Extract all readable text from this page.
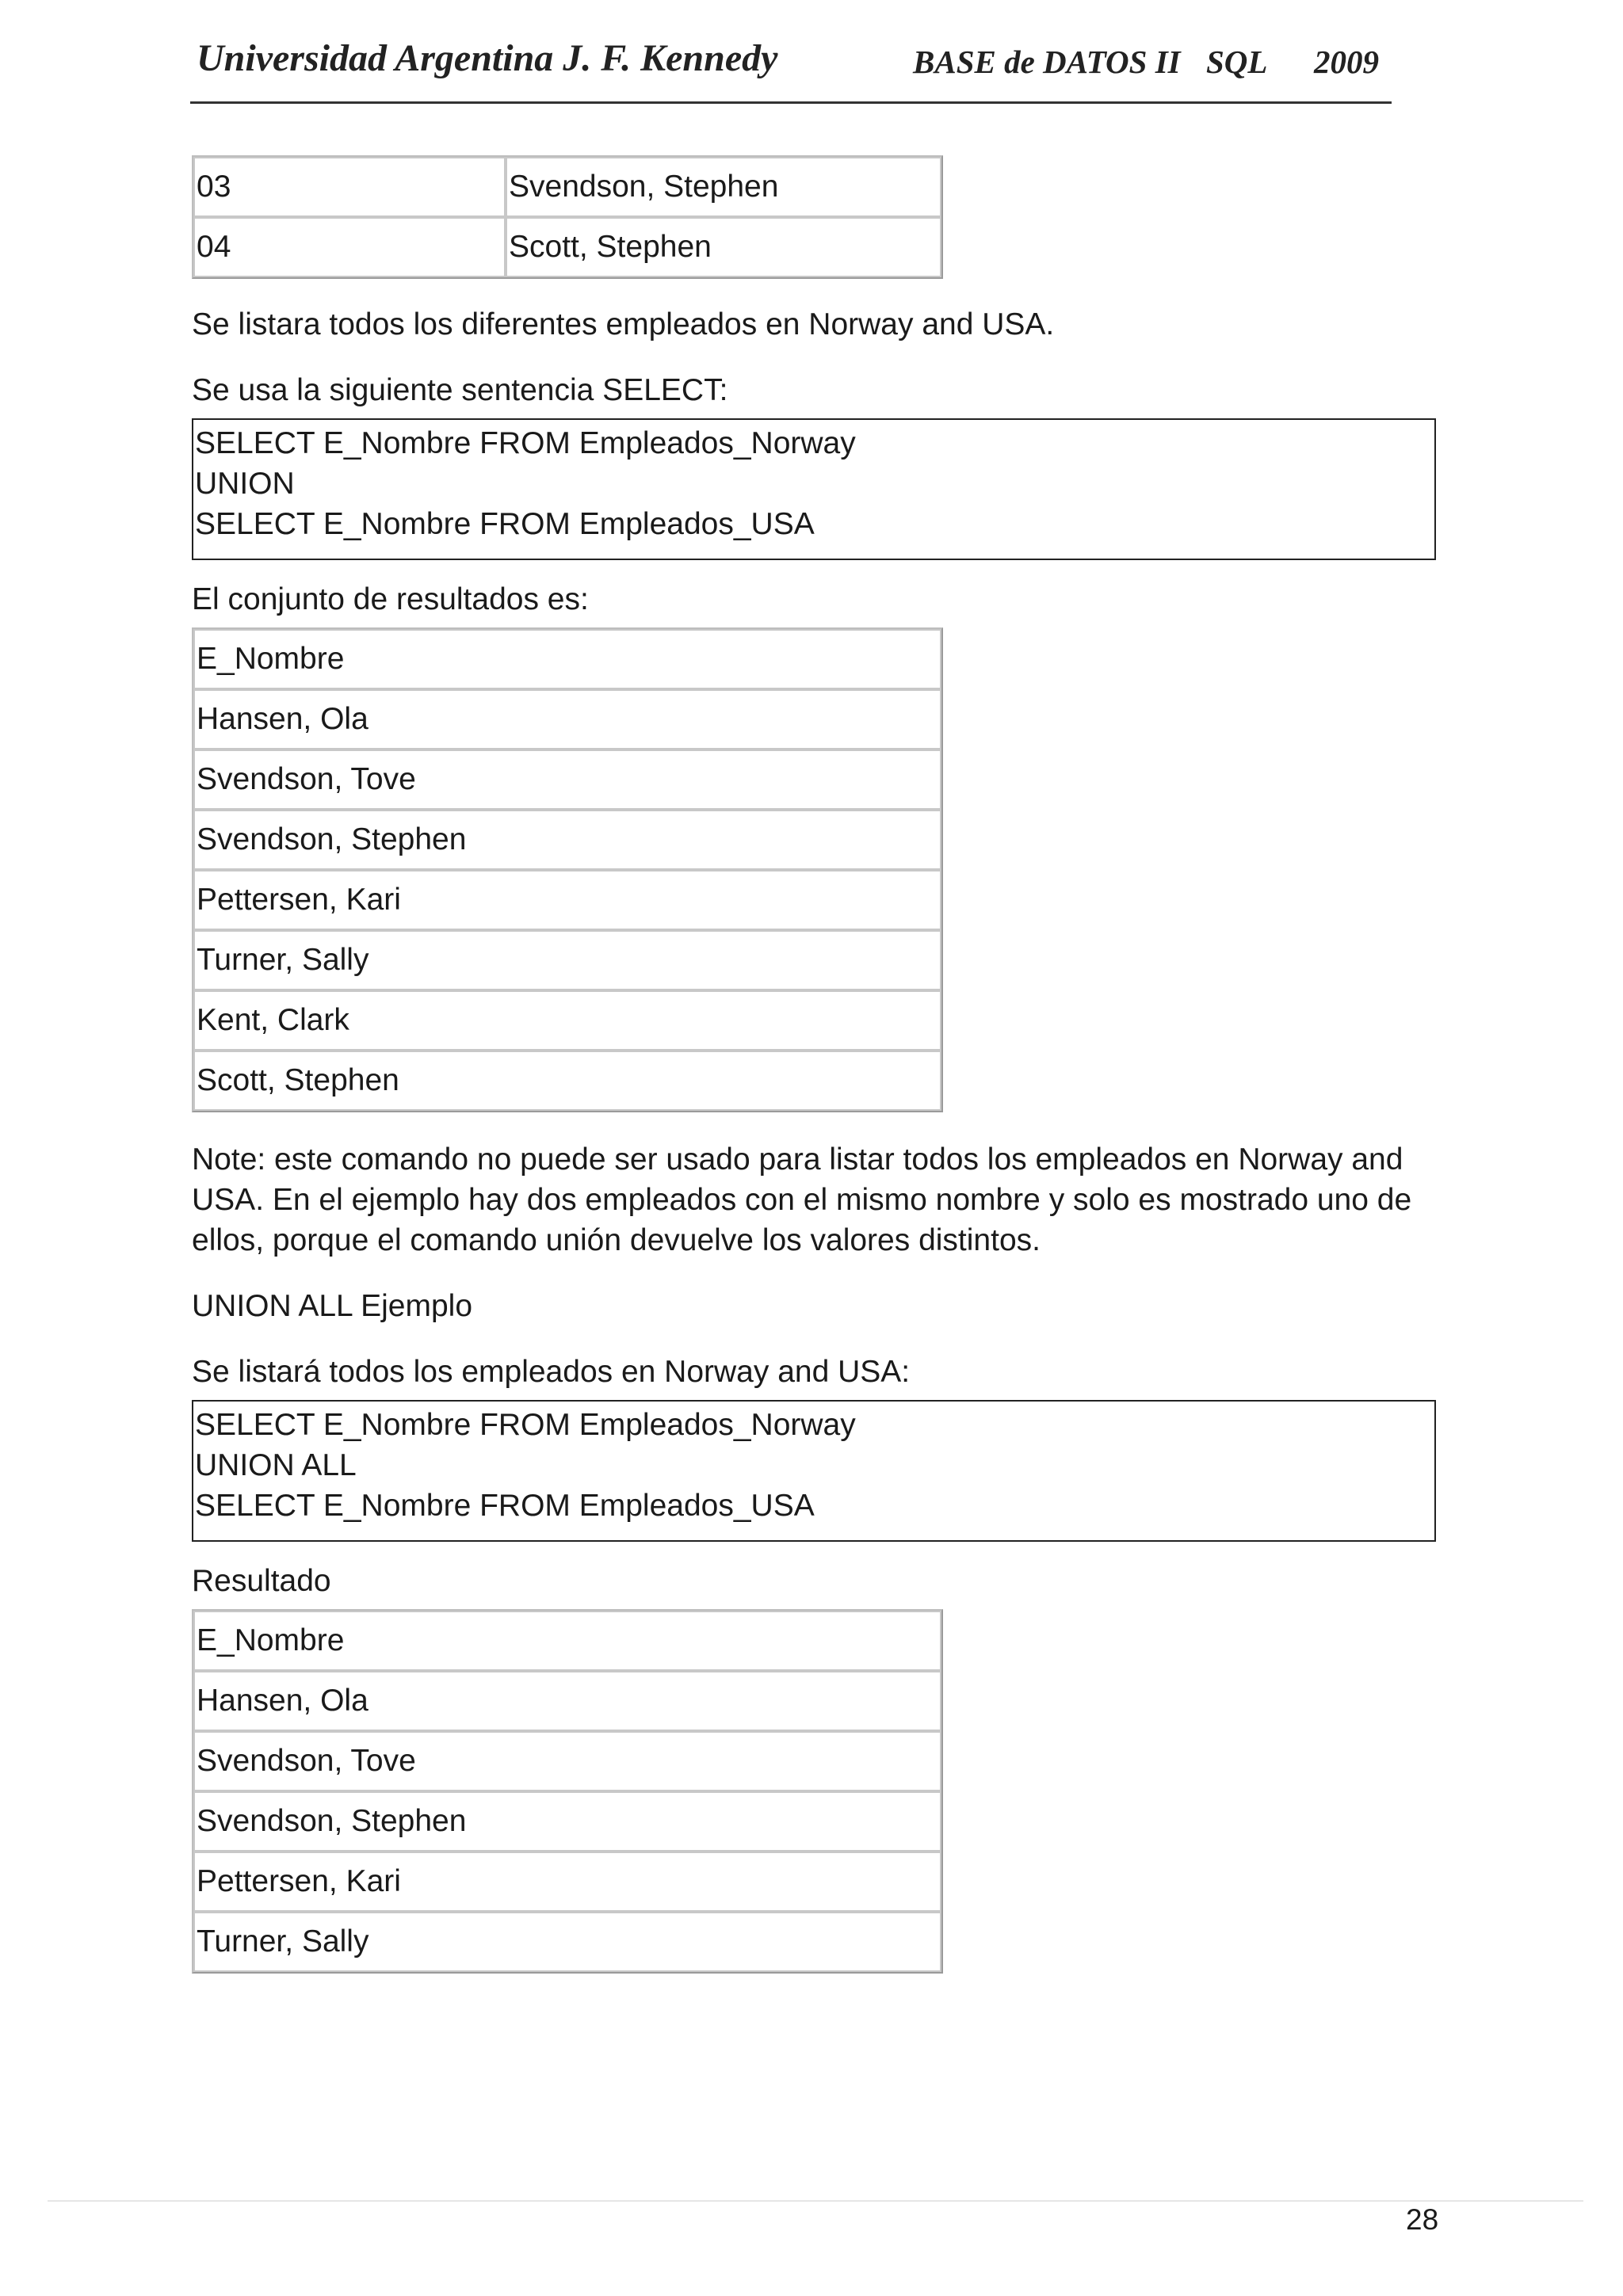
Universidad Argentina J. F. Kennedy	BASE de DATOS II SQL 2009
03	Svendson, Stephen
04	Scott, Stephen

Se listara todos los diferentes empleados en Norway and USA.

Se usa la siguiente sentencia SELECT:

SELECT E_Nombre FROM Empleados_Norway
UNION
SELECT E_Nombre FROM Empleados_USA

El conjunto de resultados es:

E_Nombre
Hansen, Ola
Svendson, Tove
Svendson, Stephen
Pettersen, Kari
Turner, Sally
Kent, Clark
Scott, Stephen
Note: este comando no puede ser usado para listar todos los empleados en Norway and
USA. En el ejemplo hay dos empleados con el mismo nombre y solo es mostrado uno de
ellos, porque el comando unión devuelve los valores distintos.

UNION ALL Ejemplo

Se listará todos los empleados en Norway and USA:

SELECT E_Nombre FROM Empleados_Norway
UNION ALL
SELECT E_Nombre FROM Empleados_USA

Resultado

E_Nombre
Hansen, Ola
Svendson, Tove
Svendson, Stephen
Pettersen, Kari
Turner, Sally
28
